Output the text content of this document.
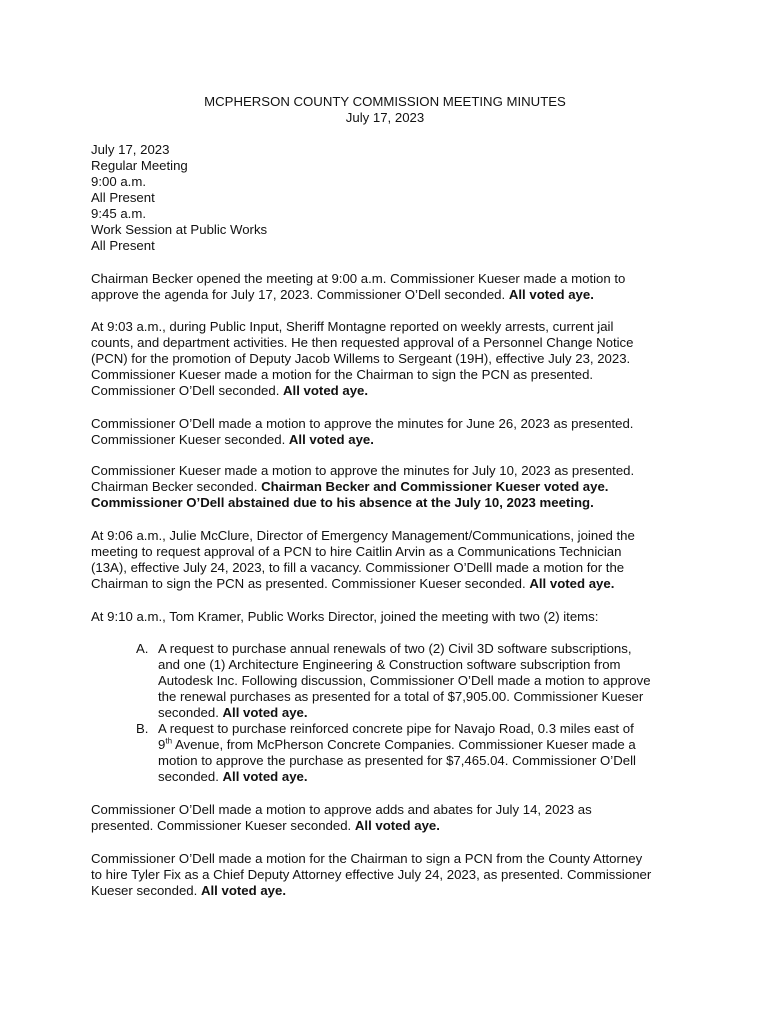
MCPHERSON COUNTY COMMISSION MEETING MINUTES
July 17, 2023
July 17, 2023
Regular Meeting
9:00 a.m.
All Present
9:45 a.m.
Work Session at Public Works
All Present
Chairman Becker opened the meeting at 9:00 a.m. Commissioner Kueser made a motion to
approve the agenda for July 17, 2023. Commissioner O’Dell seconded. All voted aye.
At 9:03 a.m., during Public Input, Sheriff Montagne reported on weekly arrests, current jail
counts, and department activities. He then requested approval of a Personnel Change Notice
(PCN) for the promotion of Deputy Jacob Willems to Sergeant (19H), effective July 23, 2023.
Commissioner Kueser made a motion for the Chairman to sign the PCN as presented.
Commissioner O’Dell seconded. All voted aye.
Commissioner O’Dell made a motion to approve the minutes for June 26, 2023 as presented.
Commissioner Kueser seconded. All voted aye.
Commissioner Kueser made a motion to approve the minutes for July 10, 2023 as presented.
Chairman Becker seconded. Chairman Becker and Commissioner Kueser voted aye.
Commissioner O’Dell abstained due to his absence at the July 10, 2023 meeting.
At 9:06 a.m., Julie McClure, Director of Emergency Management/Communications, joined the
meeting to request approval of a PCN to hire Caitlin Arvin as a Communications Technician
(13A), effective July 24, 2023, to fill a vacancy. Commissioner O’Delll made a motion for the
Chairman to sign the PCN as presented. Commissioner Kueser seconded. All voted aye.
At 9:10 a.m., Tom Kramer, Public Works Director, joined the meeting with two (2) items:
A. A request to purchase annual renewals of two (2) Civil 3D software subscriptions,
and one (1) Architecture Engineering & Construction software subscription from
Autodesk Inc. Following discussion, Commissioner O’Dell made a motion to approve
the renewal purchases as presented for a total of $7,905.00. Commissioner Kueser
seconded. All voted aye.
B. A request to purchase reinforced concrete pipe for Navajo Road, 0.3 miles east of
9th Avenue, from McPherson Concrete Companies. Commissioner Kueser made a
motion to approve the purchase as presented for $7,465.04. Commissioner O’Dell
seconded. All voted aye.
Commissioner O’Dell made a motion to approve adds and abates for July 14, 2023 as
presented. Commissioner Kueser seconded. All voted aye.
Commissioner O’Dell made a motion for the Chairman to sign a PCN from the County Attorney
to hire Tyler Fix as a Chief Deputy Attorney effective July 24, 2023, as presented. Commissioner
Kueser seconded. All voted aye.
